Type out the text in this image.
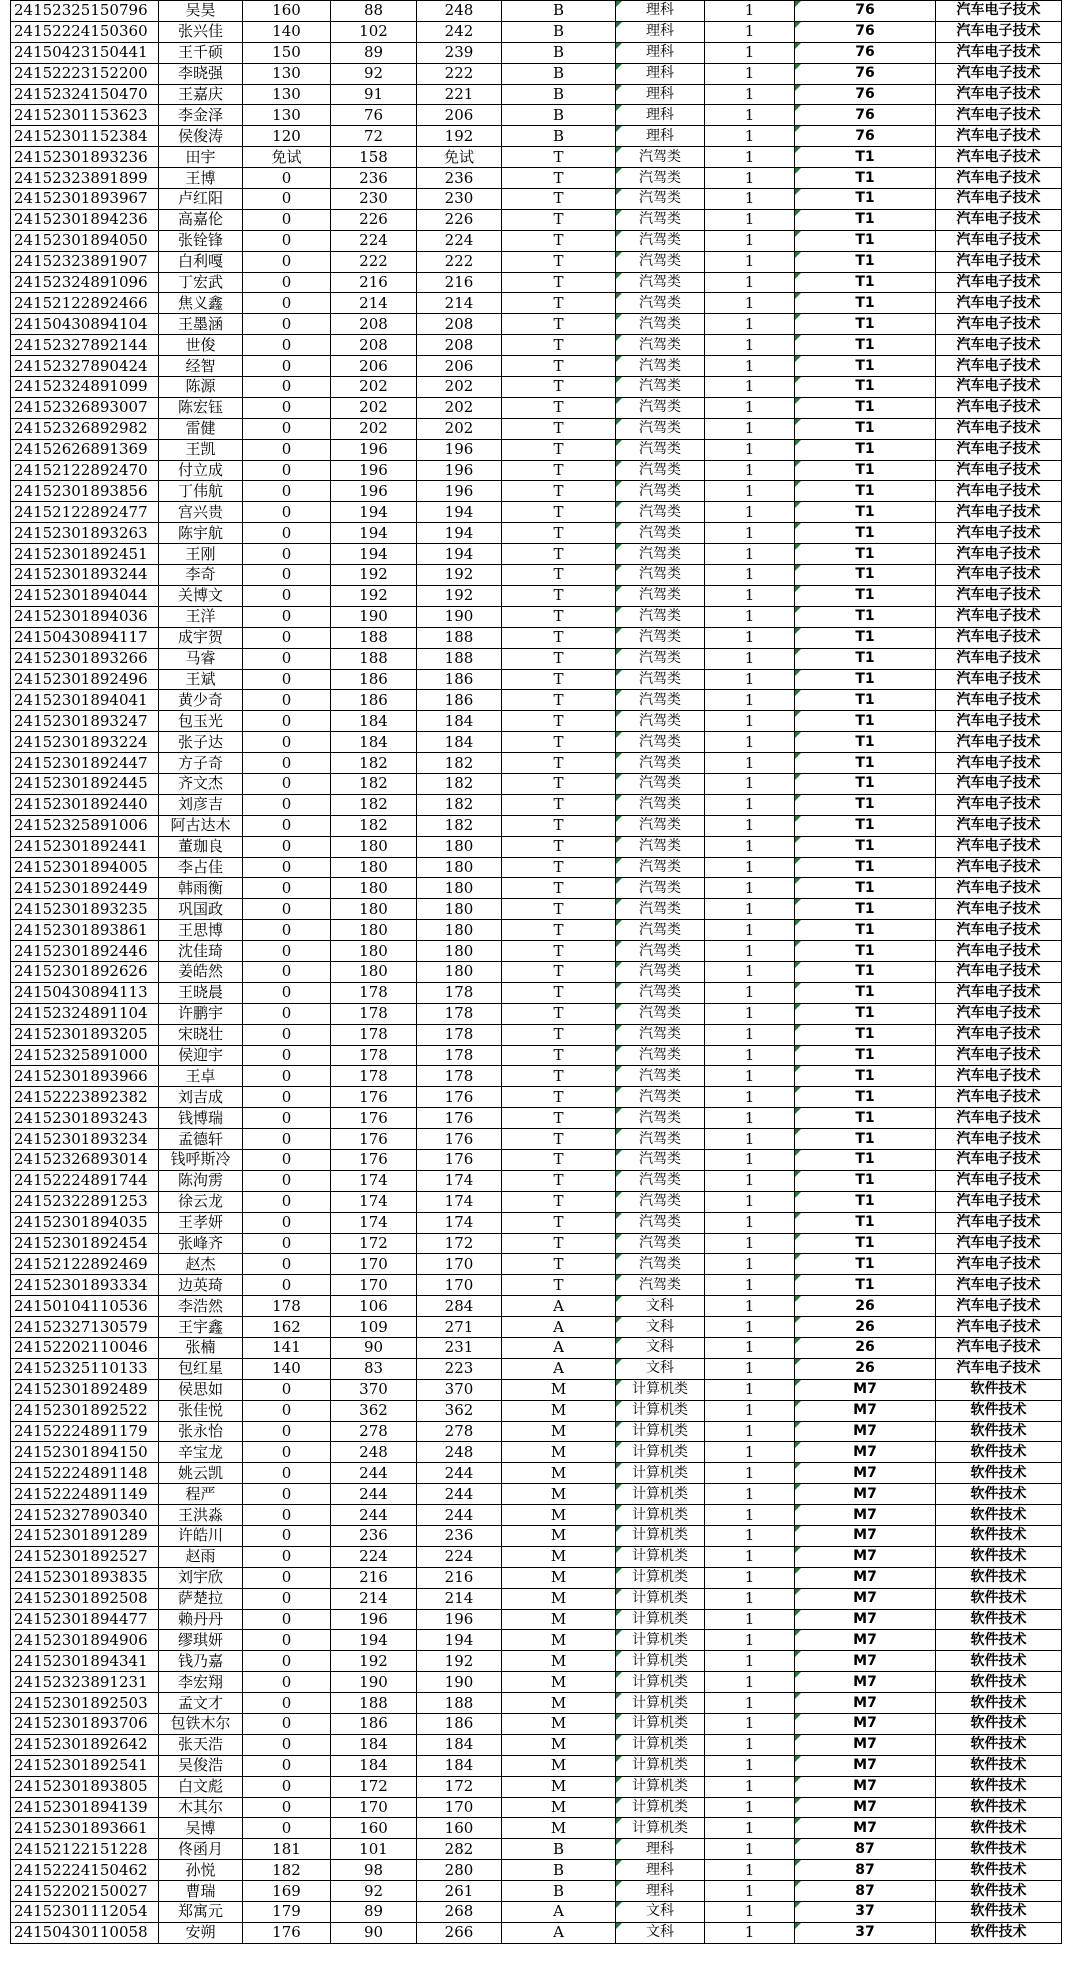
24152325150796	吴昊	160	88	248	B	理科	1	76	汽车电子技术
24152224150360	张兴佳	140	102	242	B	理科	1	76	汽车电子技术
24150423150441	王千硕	150	89	239	B	理科	1	76	汽车电子技术
24152223152200	李晓强	130	92	222	B	理科	1	76	汽车电子技术
24152324150470	王嘉庆	130	91	221	B	理科	1	76	汽车电子技术
24152301153623	李金泽	130	76	206	B	理科	1	76	汽车电子技术
24152301152384	侯俊涛	120	72	192	B	理科	1	76	汽车电子技术
24152301893236	田宇	免试	158	免试	T	汽驾类	1	T1	汽车电子技术
24152323891899	王博	0	236	236	T	汽驾类	1	T1	汽车电子技术
24152301893967	卢红阳	0	230	230	T	汽驾类	1	T1	汽车电子技术
24152301894236	高嘉伦	0	226	226	T	汽驾类	1	T1	汽车电子技术
24152301894050	张铨锋	0	224	224	T	汽驾类	1	T1	汽车电子技术
24152323891907	白利嘎	0	222	222	T	汽驾类	1	T1	汽车电子技术
24152324891096	丁宏武	0	216	216	T	汽驾类	1	T1	汽车电子技术
24152122892466	焦义鑫	0	214	214	T	汽驾类	1	T1	汽车电子技术
24150430894104	王墨涵	0	208	208	T	汽驾类	1	T1	汽车电子技术
24152327892144	世俊	0	208	208	T	汽驾类	1	T1	汽车电子技术
24152327890424	经智	0	206	206	T	汽驾类	1	T1	汽车电子技术
24152324891099	陈源	0	202	202	T	汽驾类	1	T1	汽车电子技术
24152326893007	陈宏钰	0	202	202	T	汽驾类	1	T1	汽车电子技术
24152326892982	雷健	0	202	202	T	汽驾类	1	T1	汽车电子技术
24152626891369	王凯	0	196	196	T	汽驾类	1	T1	汽车电子技术
24152122892470	付立成	0	196	196	T	汽驾类	1	T1	汽车电子技术
24152301893856	丁伟航	0	196	196	T	汽驾类	1	T1	汽车电子技术
24152122892477	宫兴贵	0	194	194	T	汽驾类	1	T1	汽车电子技术
24152301893263	陈宇航	0	194	194	T	汽驾类	1	T1	汽车电子技术
24152301892451	王刚	0	194	194	T	汽驾类	1	T1	汽车电子技术
24152301893244	李奇	0	192	192	T	汽驾类	1	T1	汽车电子技术
24152301894044	关博文	0	192	192	T	汽驾类	1	T1	汽车电子技术
24152301894036	王洋	0	190	190	T	汽驾类	1	T1	汽车电子技术
24150430894117	成宇贺	0	188	188	T	汽驾类	1	T1	汽车电子技术
24152301893266	马睿	0	188	188	T	汽驾类	1	T1	汽车电子技术
24152301892496	王斌	0	186	186	T	汽驾类	1	T1	汽车电子技术
24152301894041	黄少奇	0	186	186	T	汽驾类	1	T1	汽车电子技术
24152301893247	包玉光	0	184	184	T	汽驾类	1	T1	汽车电子技术
24152301893224	张子达	0	184	184	T	汽驾类	1	T1	汽车电子技术
24152301892447	方子奇	0	182	182	T	汽驾类	1	T1	汽车电子技术
24152301892445	齐文杰	0	182	182	T	汽驾类	1	T1	汽车电子技术
24152301892440	刘彦吉	0	182	182	T	汽驾类	1	T1	汽车电子技术
24152325891006	阿古达木	0	182	182	T	汽驾类	1	T1	汽车电子技术
24152301892441	董珈良	0	180	180	T	汽驾类	1	T1	汽车电子技术
24152301894005	李占佳	0	180	180	T	汽驾类	1	T1	汽车电子技术
24152301892449	韩雨衡	0	180	180	T	汽驾类	1	T1	汽车电子技术
24152301893235	巩国政	0	180	180	T	汽驾类	1	T1	汽车电子技术
24152301893861	王思博	0	180	180	T	汽驾类	1	T1	汽车电子技术
24152301892446	沈佳琦	0	180	180	T	汽驾类	1	T1	汽车电子技术
24152301892626	姜皓然	0	180	180	T	汽驾类	1	T1	汽车电子技术
24150430894113	王晓晨	0	178	178	T	汽驾类	1	T1	汽车电子技术
24152324891104	许鹏宇	0	178	178	T	汽驾类	1	T1	汽车电子技术
24152301893205	宋晓壮	0	178	178	T	汽驾类	1	T1	汽车电子技术
24152325891000	侯迎宇	0	178	178	T	汽驾类	1	T1	汽车电子技术
24152301893966	王卓	0	178	178	T	汽驾类	1	T1	汽车电子技术
24152223892382	刘吉成	0	176	176	T	汽驾类	1	T1	汽车电子技术
24152301893243	钱博瑞	0	176	176	T	汽驾类	1	T1	汽车电子技术
24152301893234	孟德轩	0	176	176	T	汽驾类	1	T1	汽车电子技术
24152326893014	钱呼斯冷	0	176	176	T	汽驾类	1	T1	汽车电子技术
24152224891744	陈泃雳	0	174	174	T	汽驾类	1	T1	汽车电子技术
24152322891253	徐云龙	0	174	174	T	汽驾类	1	T1	汽车电子技术
24152301894035	王孝妍	0	174	174	T	汽驾类	1	T1	汽车电子技术
24152301892454	张峰齐	0	172	172	T	汽驾类	1	T1	汽车电子技术
24152122892469	赵杰	0	170	170	T	汽驾类	1	T1	汽车电子技术
24152301893334	边英琦	0	170	170	T	汽驾类	1	T1	汽车电子技术
24150104110536	李浩然	178	106	284	A	文科	1	26	汽车电子技术
24152327130579	王宇鑫	162	109	271	A	文科	1	26	汽车电子技术
24152202110046	张楠	141	90	231	A	文科	1	26	汽车电子技术
24152325110133	包红星	140	83	223	A	文科	1	26	汽车电子技术
24152301892489	侯思如	0	370	370	M	计算机类	1	M7	软件技术
24152301892522	张佳悦	0	362	362	M	计算机类	1	M7	软件技术
24152224891179	张永怡	0	278	278	M	计算机类	1	M7	软件技术
24152301894150	辛宝龙	0	248	248	M	计算机类	1	M7	软件技术
24152224891148	姚云凯	0	244	244	M	计算机类	1	M7	软件技术
24152224891149	程严	0	244	244	M	计算机类	1	M7	软件技术
24152327890340	王洪淼	0	244	244	M	计算机类	1	M7	软件技术
24152301891289	许皓川	0	236	236	M	计算机类	1	M7	软件技术
24152301892527	赵雨	0	224	224	M	计算机类	1	M7	软件技术
24152301893835	刘宇欣	0	216	216	M	计算机类	1	M7	软件技术
24152301892508	萨楚拉	0	214	214	M	计算机类	1	M7	软件技术
24152301894477	赖丹丹	0	196	196	M	计算机类	1	M7	软件技术
24152301894906	缪琪妍	0	194	194	M	计算机类	1	M7	软件技术
24152301894341	钱乃嘉	0	192	192	M	计算机类	1	M7	软件技术
24152323891231	李宏翔	0	190	190	M	计算机类	1	M7	软件技术
24152301892503	孟文才	0	188	188	M	计算机类	1	M7	软件技术
24152301893706	包铁木尔	0	186	186	M	计算机类	1	M7	软件技术
24152301892642	张天浩	0	184	184	M	计算机类	1	M7	软件技术
24152301892541	吴俊浩	0	184	184	M	计算机类	1	M7	软件技术
24152301893805	白文彪	0	172	172	M	计算机类	1	M7	软件技术
24152301894139	木其尔	0	170	170	M	计算机类	1	M7	软件技术
24152301893661	吴博	0	160	160	M	计算机类	1	M7	软件技术
24152122151228	佟函月	181	101	282	B	理科	1	87	软件技术
24152224150462	孙悦	182	98	280	B	理科	1	87	软件技术
24152202150027	曹瑞	169	92	261	B	理科	1	87	软件技术
24152301112054	郑寓元	179	89	268	A	文科	1	37	软件技术
24150430110058	安朔	176	90	266	A	文科	1	37	软件技术
